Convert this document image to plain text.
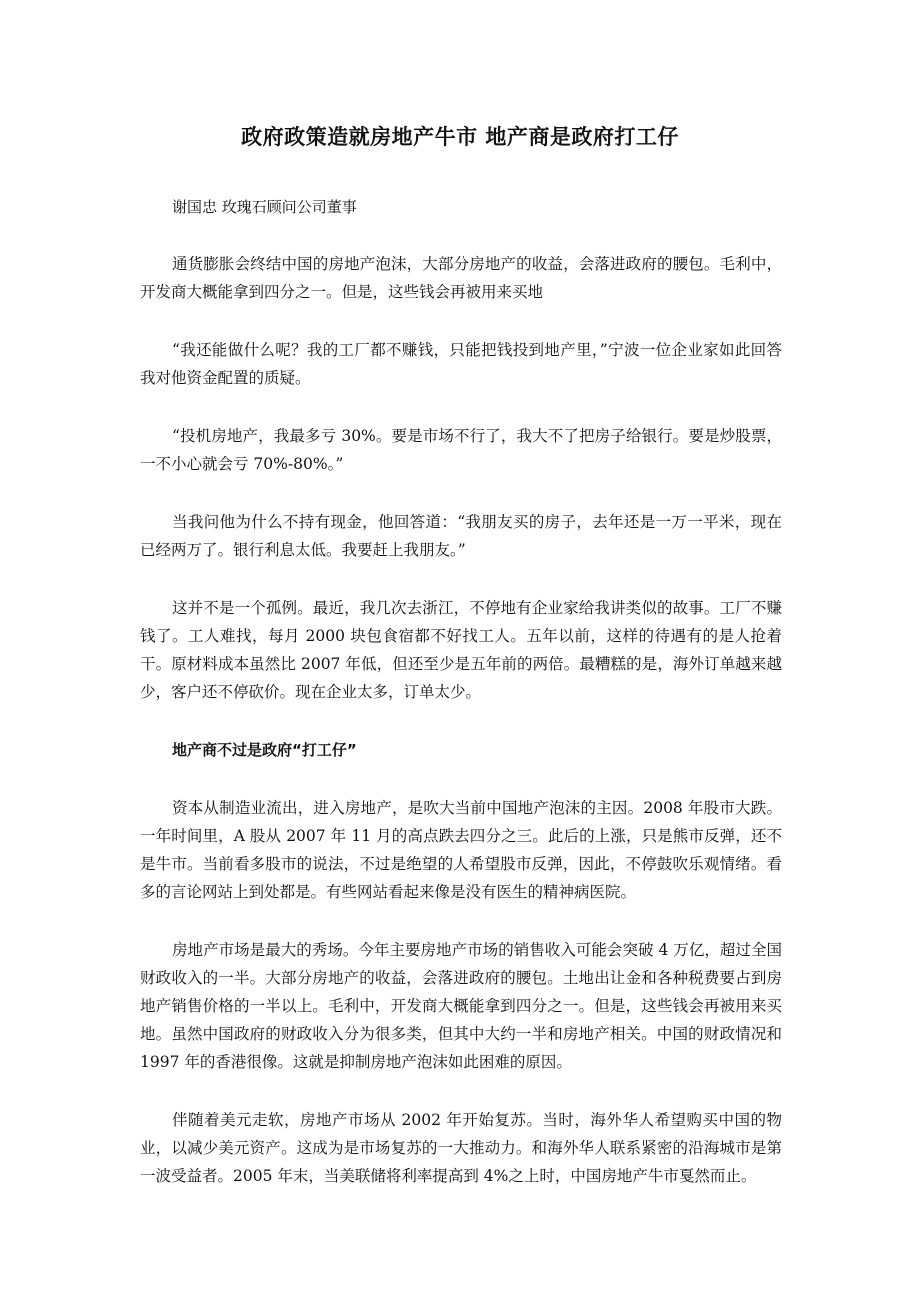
政府政策造就房地产牛市 地产商是政府打工仔
谢国忠 玫瑰石顾问公司董事

通货膨胀会终结中国的房地产泡沫，大部分房地产的收益，会落进政府的腰包。毛利中，开发商大概能拿到四分之一。但是，这些钱会再被用来买地

“我还能做什么呢？我的工厂都不赚钱，只能把钱投到地产里，”宁波一位企业家如此回答我对他资金配置的质疑。

“投机房地产，我最多亏 30%。要是市场不行了，我大不了把房子给银行。要是炒股票，一不小心就会亏 70%-80%。”

当我问他为什么不持有现金，他回答道：“我朋友买的房子，去年还是一万一平米，现在已经两万了。银行利息太低。我要赶上我朋友。”

这并不是一个孤例。最近，我几次去浙江，不停地有企业家给我讲类似的故事。工厂不赚钱了。工人难找，每月 2000 块包食宿都不好找工人。五年以前，这样的待遇有的是人抢着干。原材料成本虽然比 2007 年低，但还至少是五年前的两倍。最糟糕的是，海外订单越来越少，客户还不停砍价。现在企业太多，订单太少。

地产商不过是政府“打工仔”

资本从制造业流出，进入房地产，是吹大当前中国地产泡沫的主因。2008 年股市大跌。一年时间里，A 股从 2007 年 11 月的高点跌去四分之三。此后的上涨，只是熊市反弹，还不是牛市。当前看多股市的说法，不过是绝望的人希望股市反弹，因此，不停鼓吹乐观情绪。看多的言论网站上到处都是。有些网站看起来像是没有医生的精神病医院。

房地产市场是最大的秀场。今年主要房地产市场的销售收入可能会突破 4 万亿，超过全国财政收入的一半。大部分房地产的收益，会落进政府的腰包。土地出让金和各种税费要占到房地产销售价格的一半以上。毛利中，开发商大概能拿到四分之一。但是，这些钱会再被用来买地。虽然中国政府的财政收入分为很多类，但其中大约一半和房地产相关。中国的财政情况和 1997 年的香港很像。这就是抑制房地产泡沫如此困难的原因。

伴随着美元走软，房地产市场从 2002 年开始复苏。当时，海外华人希望购买中国的物业，以减少美元资产。这成为是市场复苏的一大推动力。和海外华人联系紧密的沿海城市是第一波受益者。2005 年末，当美联储将利率提高到 4%之上时，中国房地产牛市戛然而止。
